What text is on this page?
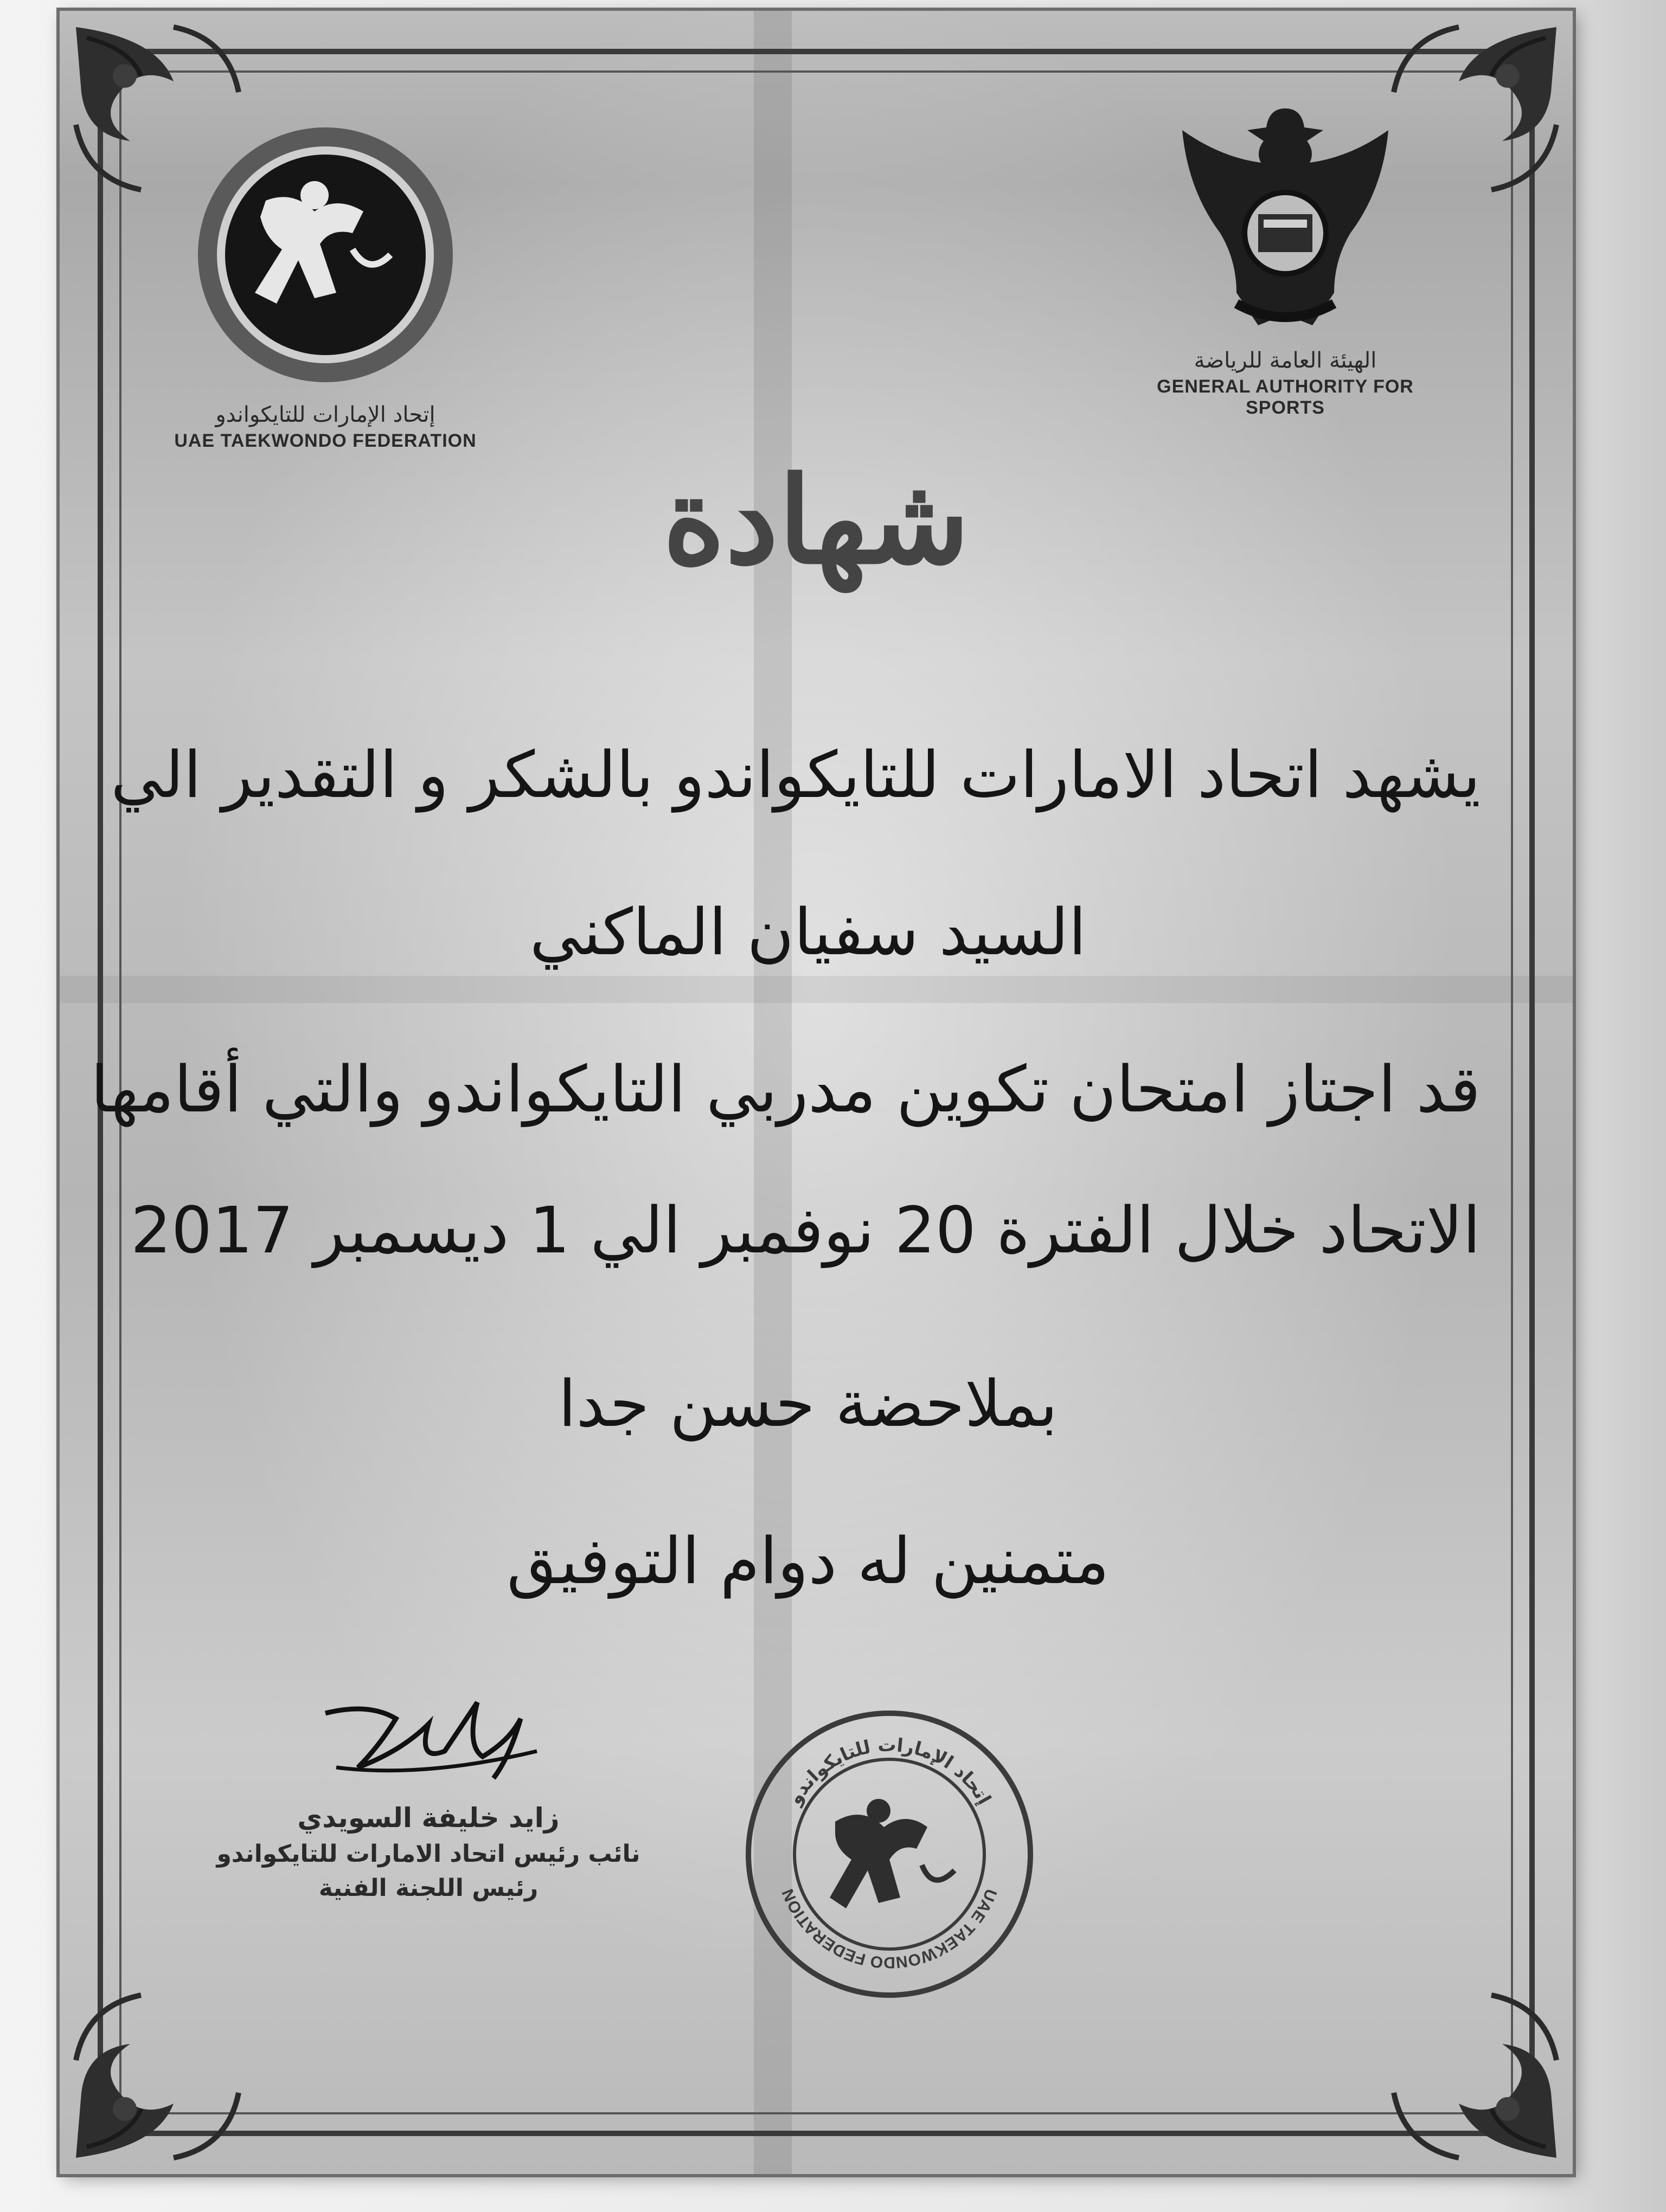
إتحاد الإمارات للتايكواندو
UAE TAEKWONDO FEDERATION
الهيئة العامة للرياضة
GENERAL AUTHORITY FOR SPORTS
شهادة
يشهد اتحاد الامارات للتايكواندو بالشكر و التقدير الي
السيد سفيان الماكني
قد اجتاز امتحان تكوين مدربي التايكواندو والتي أقامها
الاتحاد خلال الفترة 20 نوفمبر الي 1 ديسمبر 2017
بملاحضة حسن جدا
متمنين له دوام التوفيق
زايد خليفة السويدي
نائب رئيس اتحاد الامارات للتايكواندو
رئيس اللجنة الفنية
إتحاد الإمارات للتايكواندو
UAE TAEKWONDO FEDERATION
